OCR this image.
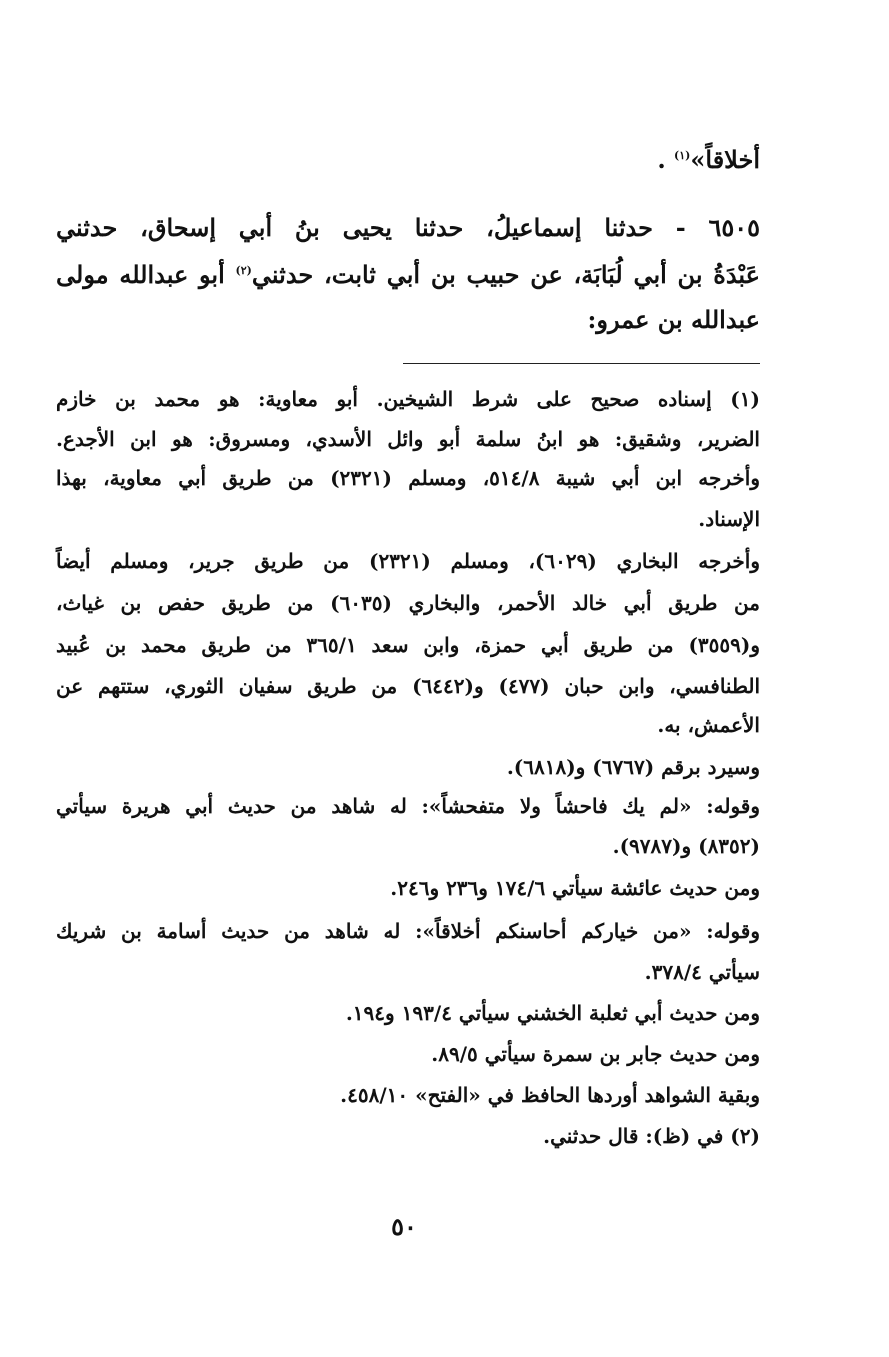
أخلاقاً»$^{(١)}$ .
٦٥٠٥ - حدثنا إسماعيلُ، حدثنا يحيى بنُ أبي إسحاق، حدثني
عَبْدَةُ بن أبي لُبَابَة، عن حبيب بن أبي ثابت، حدثني$^{(٢)}$ أبو عبدالله مولى
عبدالله بن عمرو:
(١) إسناده صحيح على شرط الشيخين. أبو معاوية: هو محمد بن خازم
الضرير، وشقيق: هو ابنُ سلمة أبو وائل الأسدي، ومسروق: هو ابن الأجدع.
وأخرجه ابن أبي شيبة ٥١٤/٨، ومسلم (٢٣٢١) من طريق أبي معاوية، بهذا
الإسناد.
وأخرجه البخاري (٦٠٢٩)، ومسلم (٢٣٢١) من طريق جرير، ومسلم أيضاً
من طريق أبي خالد الأحمر، والبخاري (٦٠٣٥) من طريق حفص بن غياث،
و(٣٥٥٩) من طريق أبي حمزة، وابن سعد ٣٦٥/١ من طريق محمد بن عُبيد
الطنافسي، وابن حبان (٤٧٧) و(٦٤٤٢) من طريق سفيان الثوري، ستتهم عن
الأعمش، به.
وسيرد برقم (٦٧٦٧) و(٦٨١٨).
وقوله: «لم يك فاحشاً ولا متفحشاً»: له شاهد من حديث أبي هريرة سيأتي
(٨٣٥٢) و(٩٧٨٧).
ومن حديث عائشة سيأتي ١٧٤/٦ و٢٣٦ و٢٤٦.
وقوله: «من خياركم أحاسنكم أخلاقاً»: له شاهد من حديث أسامة بن شريك
سيأتي ٣٧٨/٤.
ومن حديث أبي ثعلبة الخشني سيأتي ١٩٣/٤ و١٩٤.
ومن حديث جابر بن سمرة سيأتي ٨٩/٥.
وبقية الشواهد أوردها الحافظ في «الفتح» ٤٥٨/١٠.
(٢) في (ظ): قال حدثني.
٥٠
